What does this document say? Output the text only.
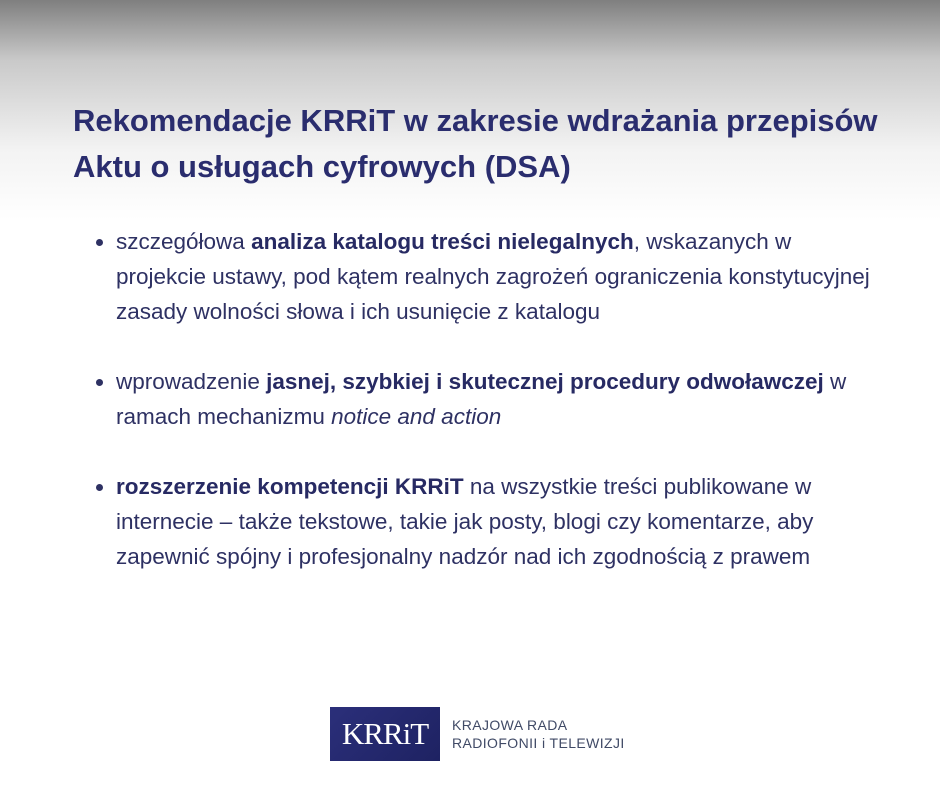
Rekomendacje KRRiT w zakresie wdrażania przepisów Aktu o usługach cyfrowych (DSA)
szczegółowa analiza katalogu treści nielegalnych, wskazanych w projekcie ustawy, pod kątem realnych zagrożeń ograniczenia konstytucyjnej zasady wolności słowa i ich usunięcie z katalogu
wprowadzenie jasnej, szybkiej i skutecznej procedury odwoławczej w ramach mechanizmu notice and action
rozszerzenie kompetencji KRRiT na wszystkie treści publikowane w internecie – także tekstowe, takie jak posty, blogi czy komentarze, aby zapewnić spójny i profesjonalny nadzór nad ich zgodnością z prawem
KRRiT KRAJOWA RADA
RADIOFONII i TELEWIZJI
